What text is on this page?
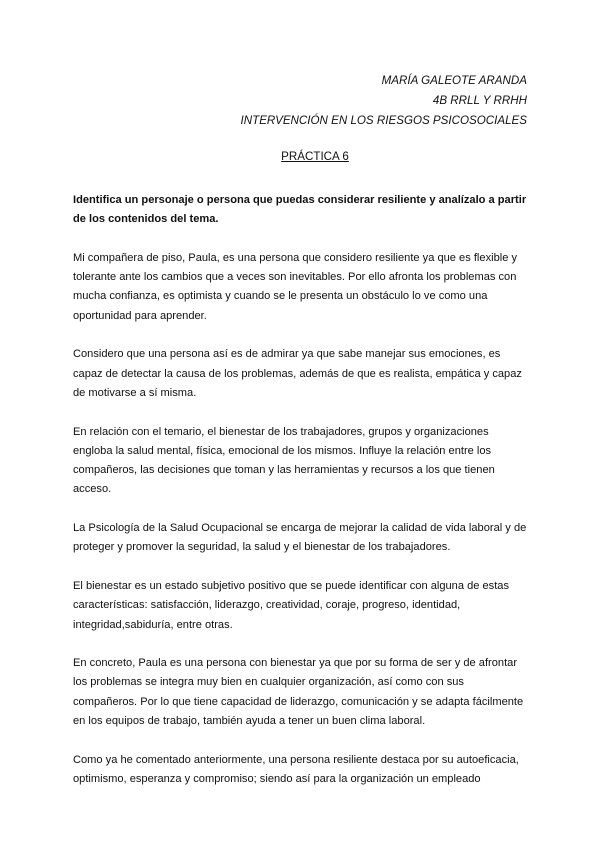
MARÍA GALEOTE ARANDA
4B RRLL Y RRHH
INTERVENCIÓN EN LOS RIESGOS PSICOSOCIALES
PRÁCTICA 6

Identifica un personaje o persona que puedas considerar resiliente y analízalo a partir de los contenidos del tema.

Mi compañera de piso, Paula, es una persona que considero resiliente ya que es flexible y tolerante ante los cambios que a veces son inevitables. Por ello afronta los problemas con mucha confianza, es optimista y cuando se le presenta un obstáculo lo ve como una oportunidad para aprender.

Considero que una persona así es de admirar ya que sabe manejar sus emociones, es capaz de detectar la causa de los problemas, además de que es realista, empática y capaz de motivarse a sí misma.

En relación con el temario, el bienestar de los trabajadores, grupos y organizaciones engloba la salud mental, física, emocional de los mismos. Influye la relación entre los compañeros, las decisiones que toman y las herramientas y recursos a los que tienen acceso.

La Psicología de la Salud Ocupacional se encarga de mejorar la calidad de vida laboral y de proteger y promover la seguridad, la salud y el bienestar de los trabajadores.

El bienestar es un estado subjetivo positivo que se puede identificar con alguna de estas características: satisfacción, liderazgo, creatividad, coraje, progreso, identidad, integridad,sabiduría, entre otras.

En concreto, Paula es una persona con bienestar ya que por su forma de ser y de afrontar los problemas se integra muy bien en cualquier organización, así como con sus compañeros. Por lo que tiene capacidad de liderazgo, comunicación y se adapta fácilmente en los equipos de trabajo, también ayuda a tener un buen clima laboral.

Como ya he comentado anteriormente, una persona resiliente destaca por su autoeficacia, optimismo, esperanza y compromiso; siendo así para la organización un empleado
